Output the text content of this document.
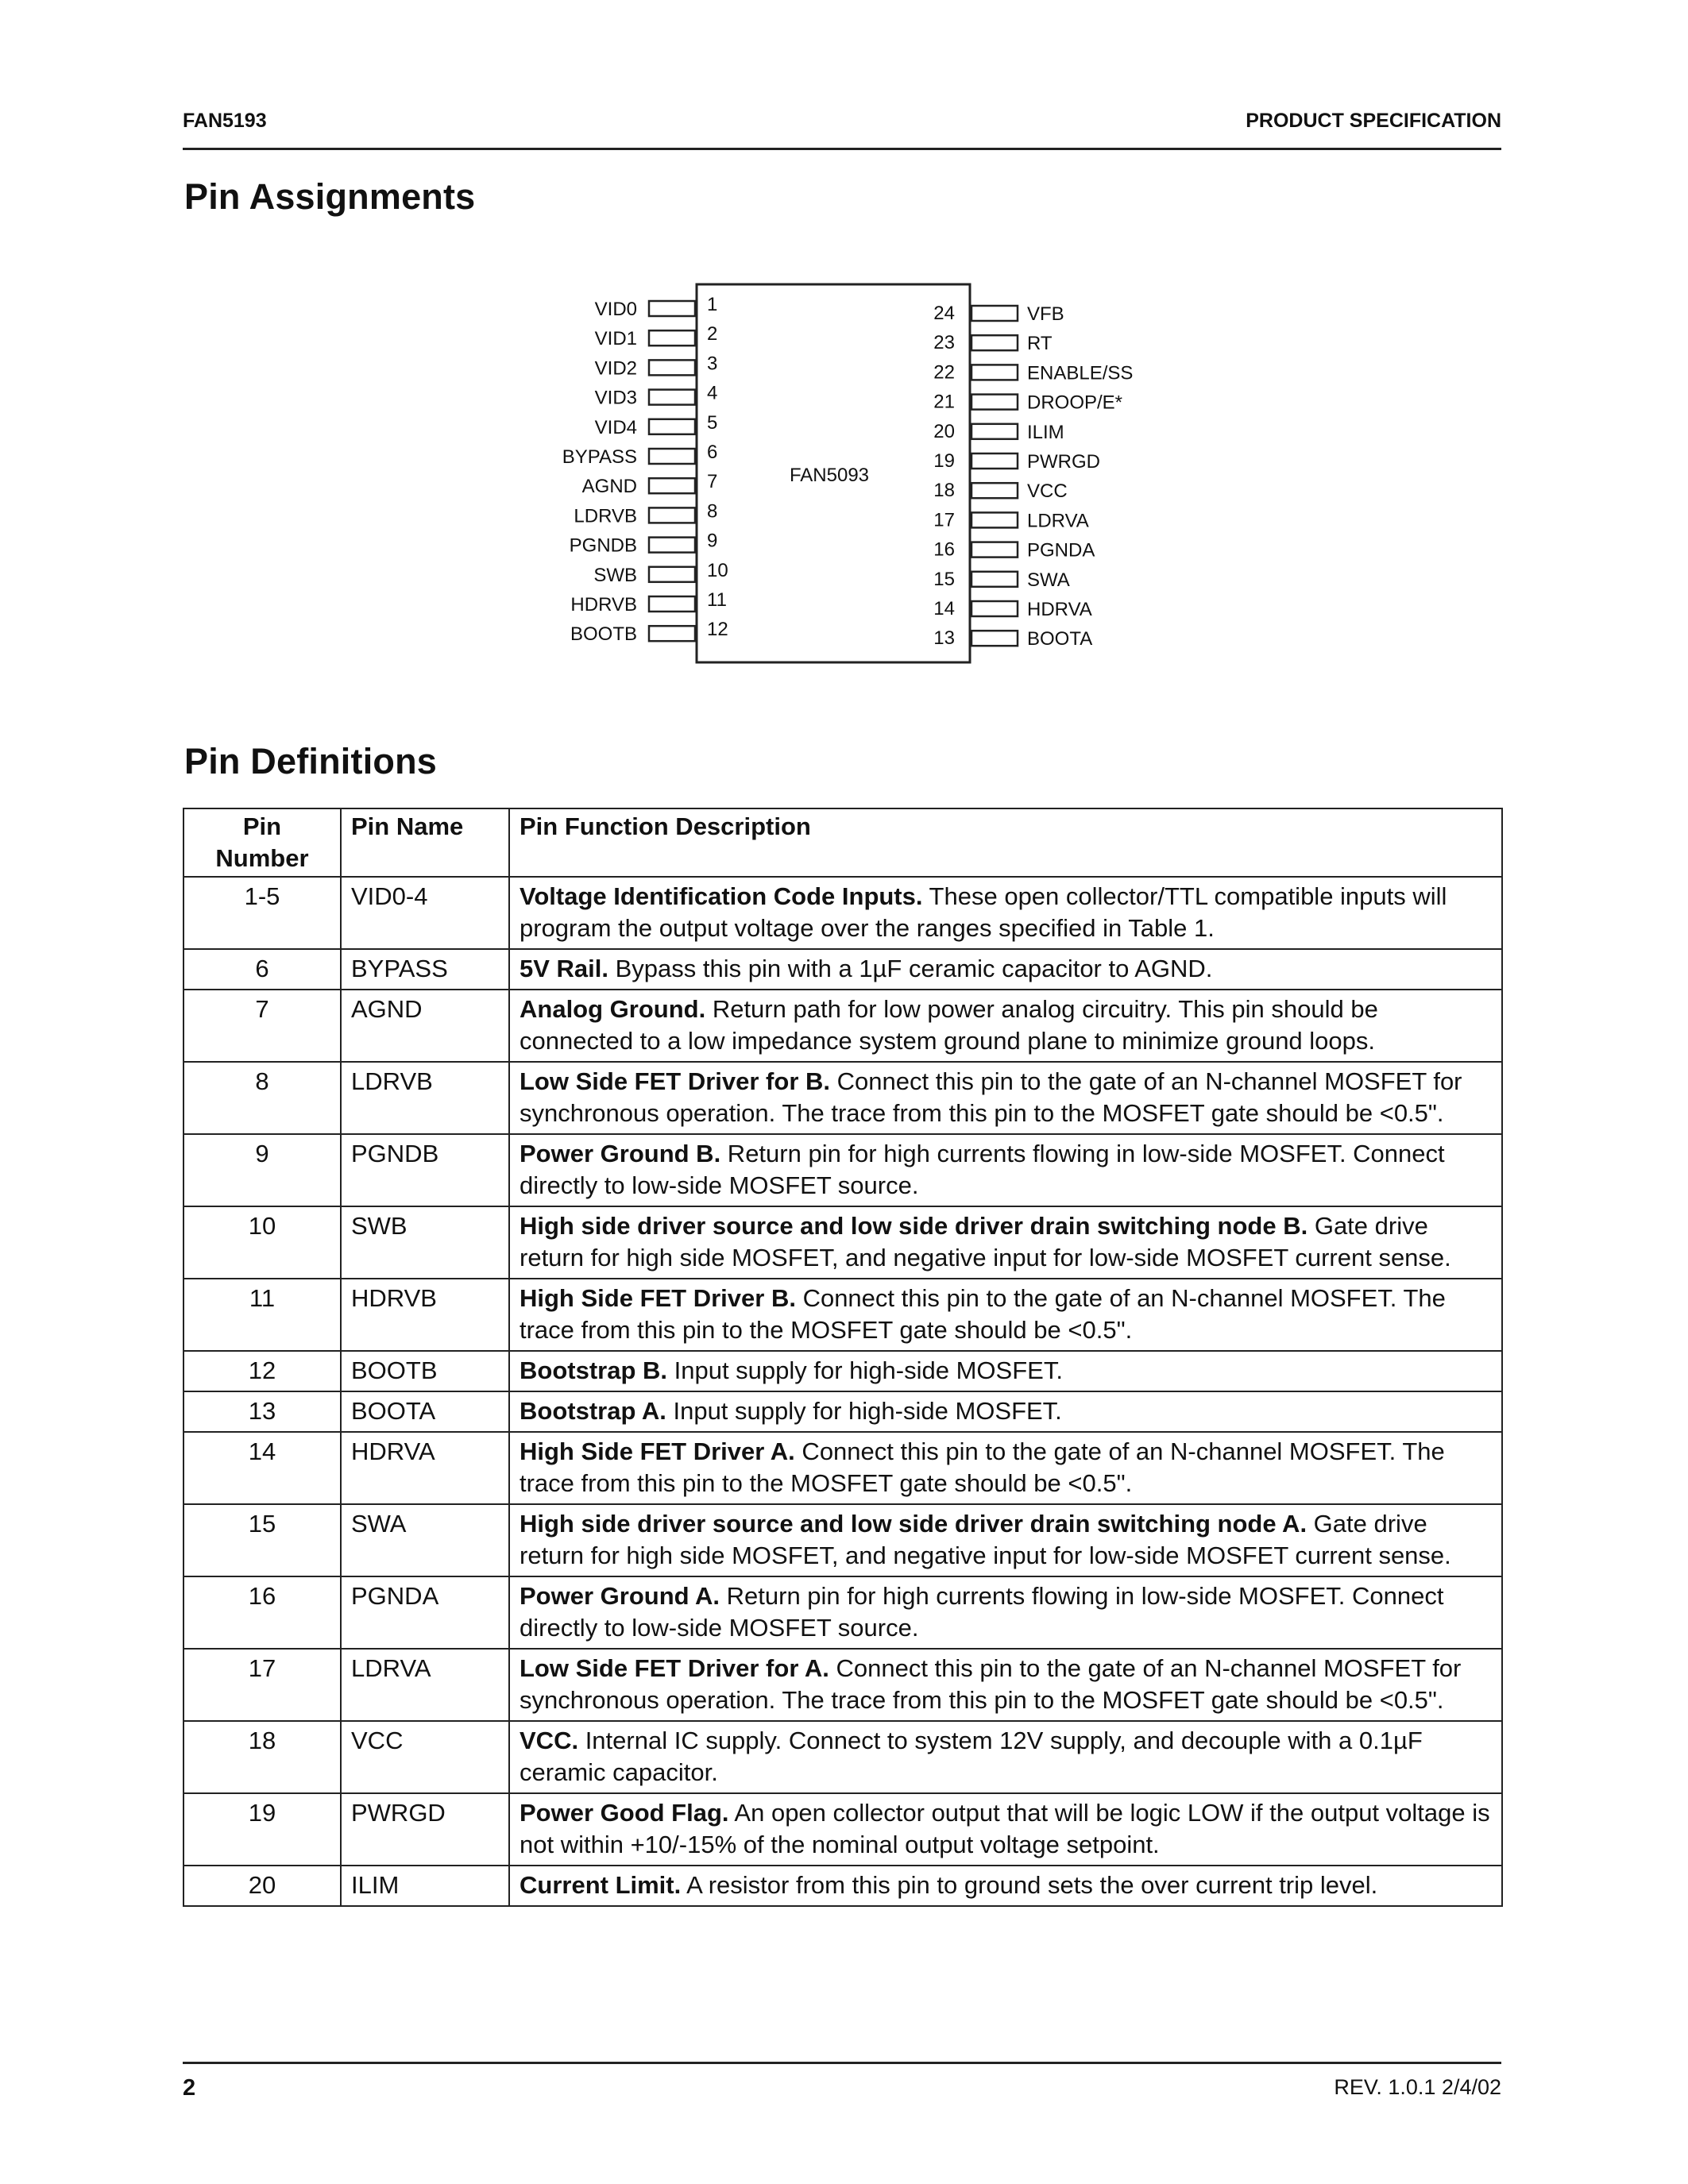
FAN5193	PRODUCT SPECIFICATION
Pin Assignments
FAN5093
VID0	1
VID1	2
VID2	3
VID3	4
VID4	5
BYPASS	6
AGND	7
LDRVB	8
PGNDB	9
SWB	10
HDRVB	11
BOOTB	12
VFB
24
RT
23
ENABLE/SS
22
DROOP/E*
21
ILIM
20
PWRGD
19
VCC
18
LDRVA
17
PGNDA
16
SWA
15
HDRVA
14
BOOTA
13
Pin Definitions
Pin Number	Pin Name	Pin Function Description
1-5	VID0-4	Voltage Identification Code Inputs. These open collector/TTL compatible inputs will program the output voltage over the ranges specified in Table 1.
6	BYPASS	5V Rail. Bypass this pin with a 1µF ceramic capacitor to AGND.
7	AGND	Analog Ground. Return path for low power analog circuitry. This pin should be connected to a low impedance system ground plane to minimize ground loops.
8	LDRVB	Low Side FET Driver for B. Connect this pin to the gate of an N-channel MOSFET for synchronous operation. The trace from this pin to the MOSFET gate should be <0.5".
9	PGNDB	Power Ground B. Return pin for high currents flowing in low-side MOSFET. Connect directly to low-side MOSFET source.
10	SWB	High side driver source and low side driver drain switching node B. Gate drive return for high side MOSFET, and negative input for low-side MOSFET current sense.
11	HDRVB	High Side FET Driver B. Connect this pin to the gate of an N-channel MOSFET. The trace from this pin to the MOSFET gate should be <0.5".
12	BOOTB	Bootstrap B. Input supply for high-side MOSFET.
13	BOOTA	Bootstrap A. Input supply for high-side MOSFET.
14	HDRVA	High Side FET Driver A. Connect this pin to the gate of an N-channel MOSFET. The trace from this pin to the MOSFET gate should be <0.5".
15	SWA	High side driver source and low side driver drain switching node A. Gate drive return for high side MOSFET, and negative input for low-side MOSFET current sense.
16	PGNDA	Power Ground A. Return pin for high currents flowing in low-side MOSFET. Connect directly to low-side MOSFET source.
17	LDRVA	Low Side FET Driver for A. Connect this pin to the gate of an N-channel MOSFET for synchronous operation. The trace from this pin to the MOSFET gate should be <0.5".
18	VCC	VCC. Internal IC supply. Connect to system 12V supply, and decouple with a 0.1µF ceramic capacitor.
19	PWRGD	Power Good Flag. An open collector output that will be logic LOW if the output voltage is not within +10/-15% of the nominal output voltage setpoint.
20	ILIM	Current Limit. A resistor from this pin to ground sets the over current trip level.
2	REV. 1.0.1 2/4/02
